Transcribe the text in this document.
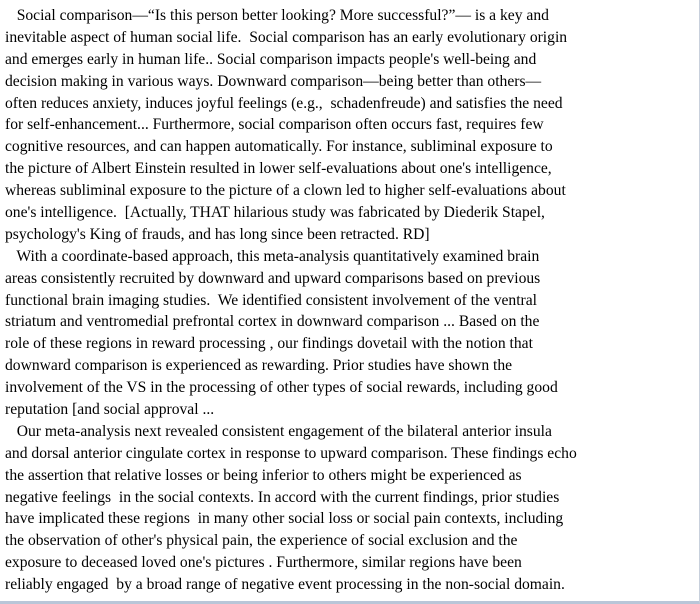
Social comparison—“Is this person better looking? More successful?”— is a key and
inevitable aspect of human social life.  Social comparison has an early evolutionary origin
and emerges early in human life.. Social comparison impacts people's well-being and
decision making in various ways. Downward comparison—being better than others—
often reduces anxiety, induces joyful feelings (e.g.,  schadenfreude) and satisfies the need
for self-enhancement... Furthermore, social comparison often occurs fast, requires few
cognitive resources, and can happen automatically. For instance, subliminal exposure to
the picture of Albert Einstein resulted in lower self-evaluations about one's intelligence,
whereas subliminal exposure to the picture of a clown led to higher self-evaluations about
one's intelligence.  [Actually, THAT hilarious study was fabricated by Diederik Stapel,
psychology's King of frauds, and has long since been retracted. RD]
With a coordinate-based approach, this meta-analysis quantitatively examined brain
areas consistently recruited by downward and upward comparisons based on previous
functional brain imaging studies.  We identified consistent involvement of the ventral
striatum and ventromedial prefrontal cortex in downward comparison ... Based on the
role of these regions in reward processing , our findings dovetail with the notion that
downward comparison is experienced as rewarding. Prior studies have shown the
involvement of the VS in the processing of other types of social rewards, including good
reputation [and social approval ...
Our meta-analysis next revealed consistent engagement of the bilateral anterior insula
and dorsal anterior cingulate cortex in response to upward comparison. These findings echo
the assertion that relative losses or being inferior to others might be experienced as
negative feelings  in the social contexts. In accord with the current findings, prior studies
have implicated these regions  in many other social loss or social pain contexts, including
the observation of other's physical pain, the experience of social exclusion and the
exposure to deceased loved one's pictures . Furthermore, similar regions have been
reliably engaged  by a broad range of negative event processing in the non-social domain.
